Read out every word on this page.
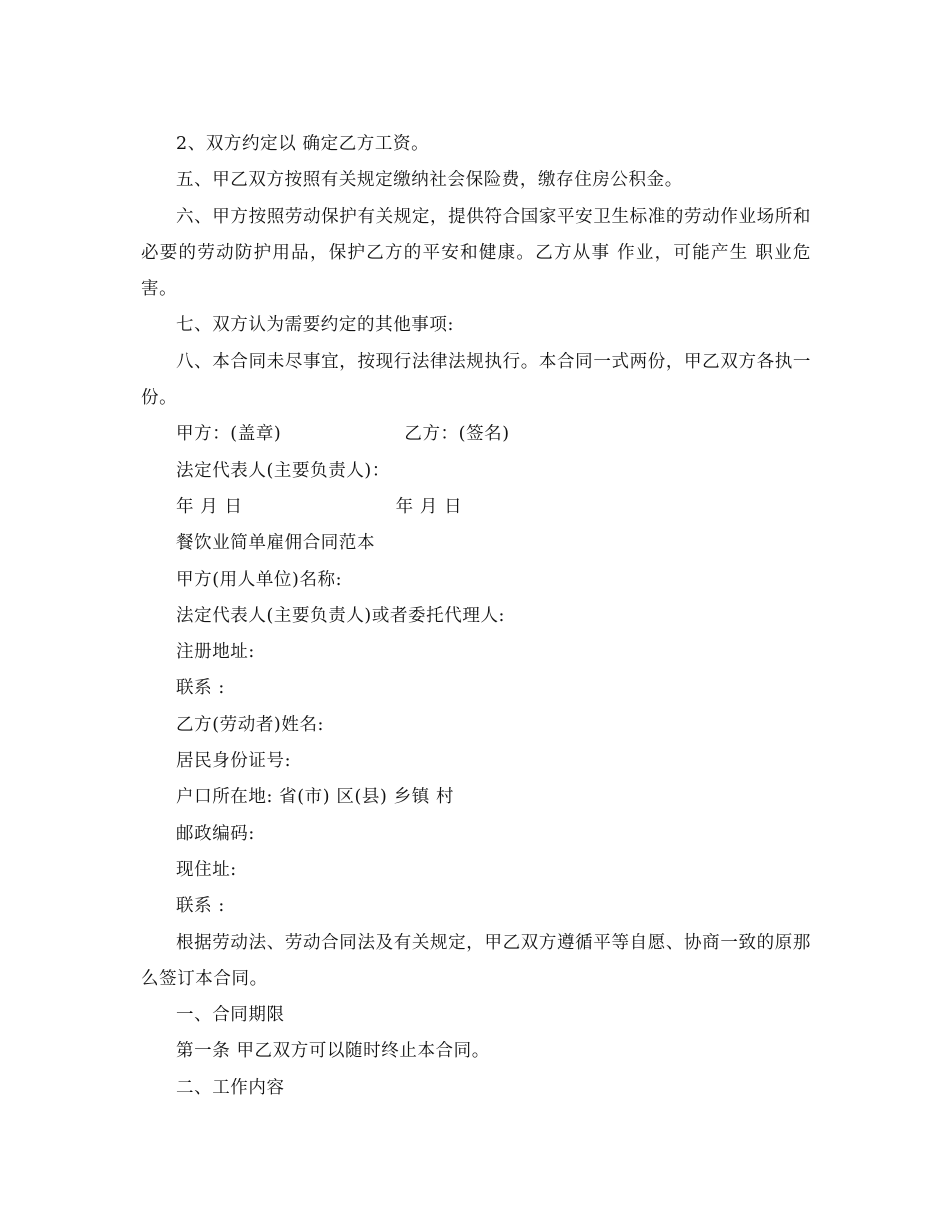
2、双方约定以 确定乙方工资。

五、甲乙双方按照有关规定缴纳社会保险费，缴存住房公积金。

六、甲方按照劳动保护有关规定，提供符合国家平安卫生标准的劳动作业场所和必要的劳动防护用品，保护乙方的平安和健康。乙方从事 作业，可能产生 职业危害。

七、双方认为需要约定的其他事项:

八、本合同未尽事宜，按现行法律法规执行。本合同一式两份，甲乙双方各执一份。

甲方：(盖章)	乙方：(签名)

法定代表人(主要负责人)：

年 月 日	年 月 日

餐饮业简单雇佣合同范本

甲方(用人单位)名称:

法定代表人(主要负责人)或者委托代理人:

注册地址:

联系 :

乙方(劳动者)姓名:

居民身份证号:

户口所在地: 省(市) 区(县) 乡镇 村

邮政编码:

现住址:

联系 :

根据劳动法、劳动合同法及有关规定，甲乙双方遵循平等自愿、协商一致的原那么签订本合同。

一、合同期限

第一条 甲乙双方可以随时终止本合同。

二、工作内容
